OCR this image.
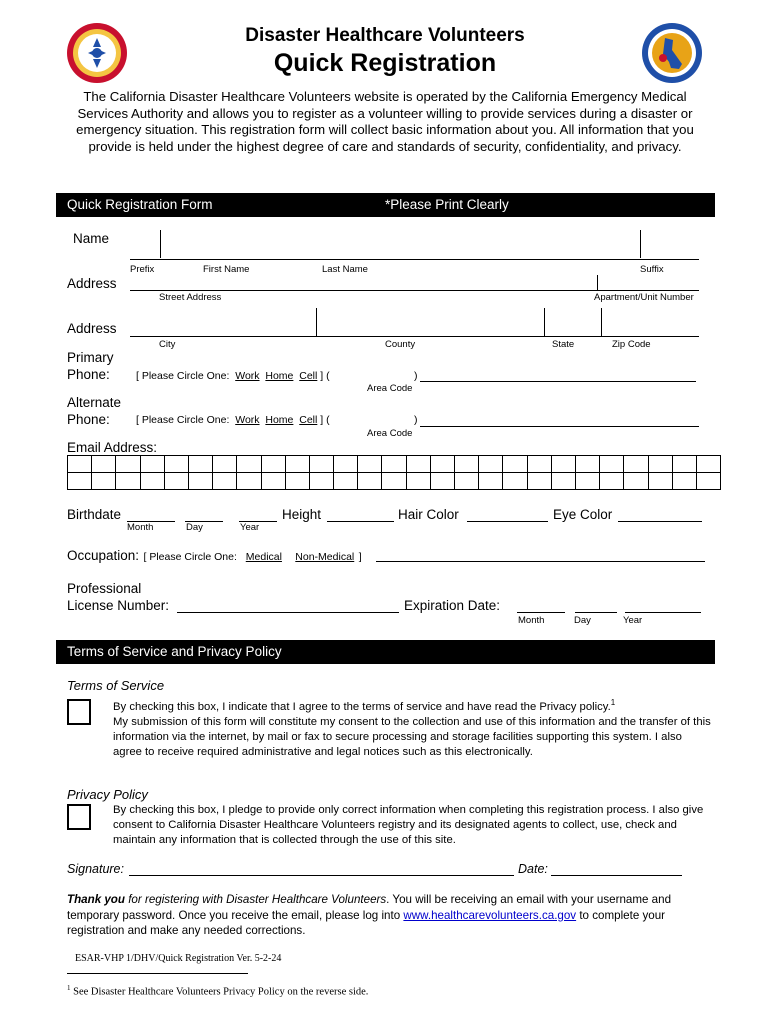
Disaster Healthcare Volunteers
Quick Registration
The California Disaster Healthcare Volunteers website is operated by the California Emergency Medical Services Authority and allows you to register as a volunteer willing to provide services during a disaster or emergency situation. This registration form will collect basic information about you. All information that you provide is held under the highest degree of care and standards of security, confidentiality, and privacy.
Quick Registration Form	*Please Print Clearly
Name
Prefix	First Name	Last Name	Suffix
Address
Street Address	Apartment/Unit Number
Address
City	County	State	Zip Code
Primary
Phone: [ Please Circle One: Work Home Cell ] (	)
Area Code
Alternate
Phone: [ Please Circle One: Work Home Cell ] (	)
Area Code
Email Address:

Birthdate
Month	Day	Year
Height	Hair Color	Eye Color
Occupation: [ Please Circle One: Medical Non-Medical ]
Professional
License Number:	Expiration Date:
Month	Day	Year
Terms of Service and Privacy Policy
Terms of Service
By checking this box, I indicate that I agree to the terms of service and have read the Privacy policy.$^1$
My submission of this form will constitute my consent to the collection and use of this information and the transfer of this information via the internet, by mail or fax to secure processing and storage facilities supporting this system. I also agree to receive required administrative and legal notices such as this electronically.
Privacy Policy
By checking this box, I pledge to provide only correct information when completing this registration process. I also give consent to California Disaster Healthcare Volunteers registry and its designated agents to collect, use, check and maintain any information that is collected through the use of this site.
Signature:	Date:
Thank you for registering with Disaster Healthcare Volunteers. You will be receiving an email with your username and temporary password. Once you receive the email, please log into www.healthcarevolunteers.ca.gov to complete your registration and make any needed corrections.
ESAR-VHP 1/DHV/Quick Registration Ver. 5-2-24
$^1$ See Disaster Healthcare Volunteers Privacy Policy on the reverse side.
